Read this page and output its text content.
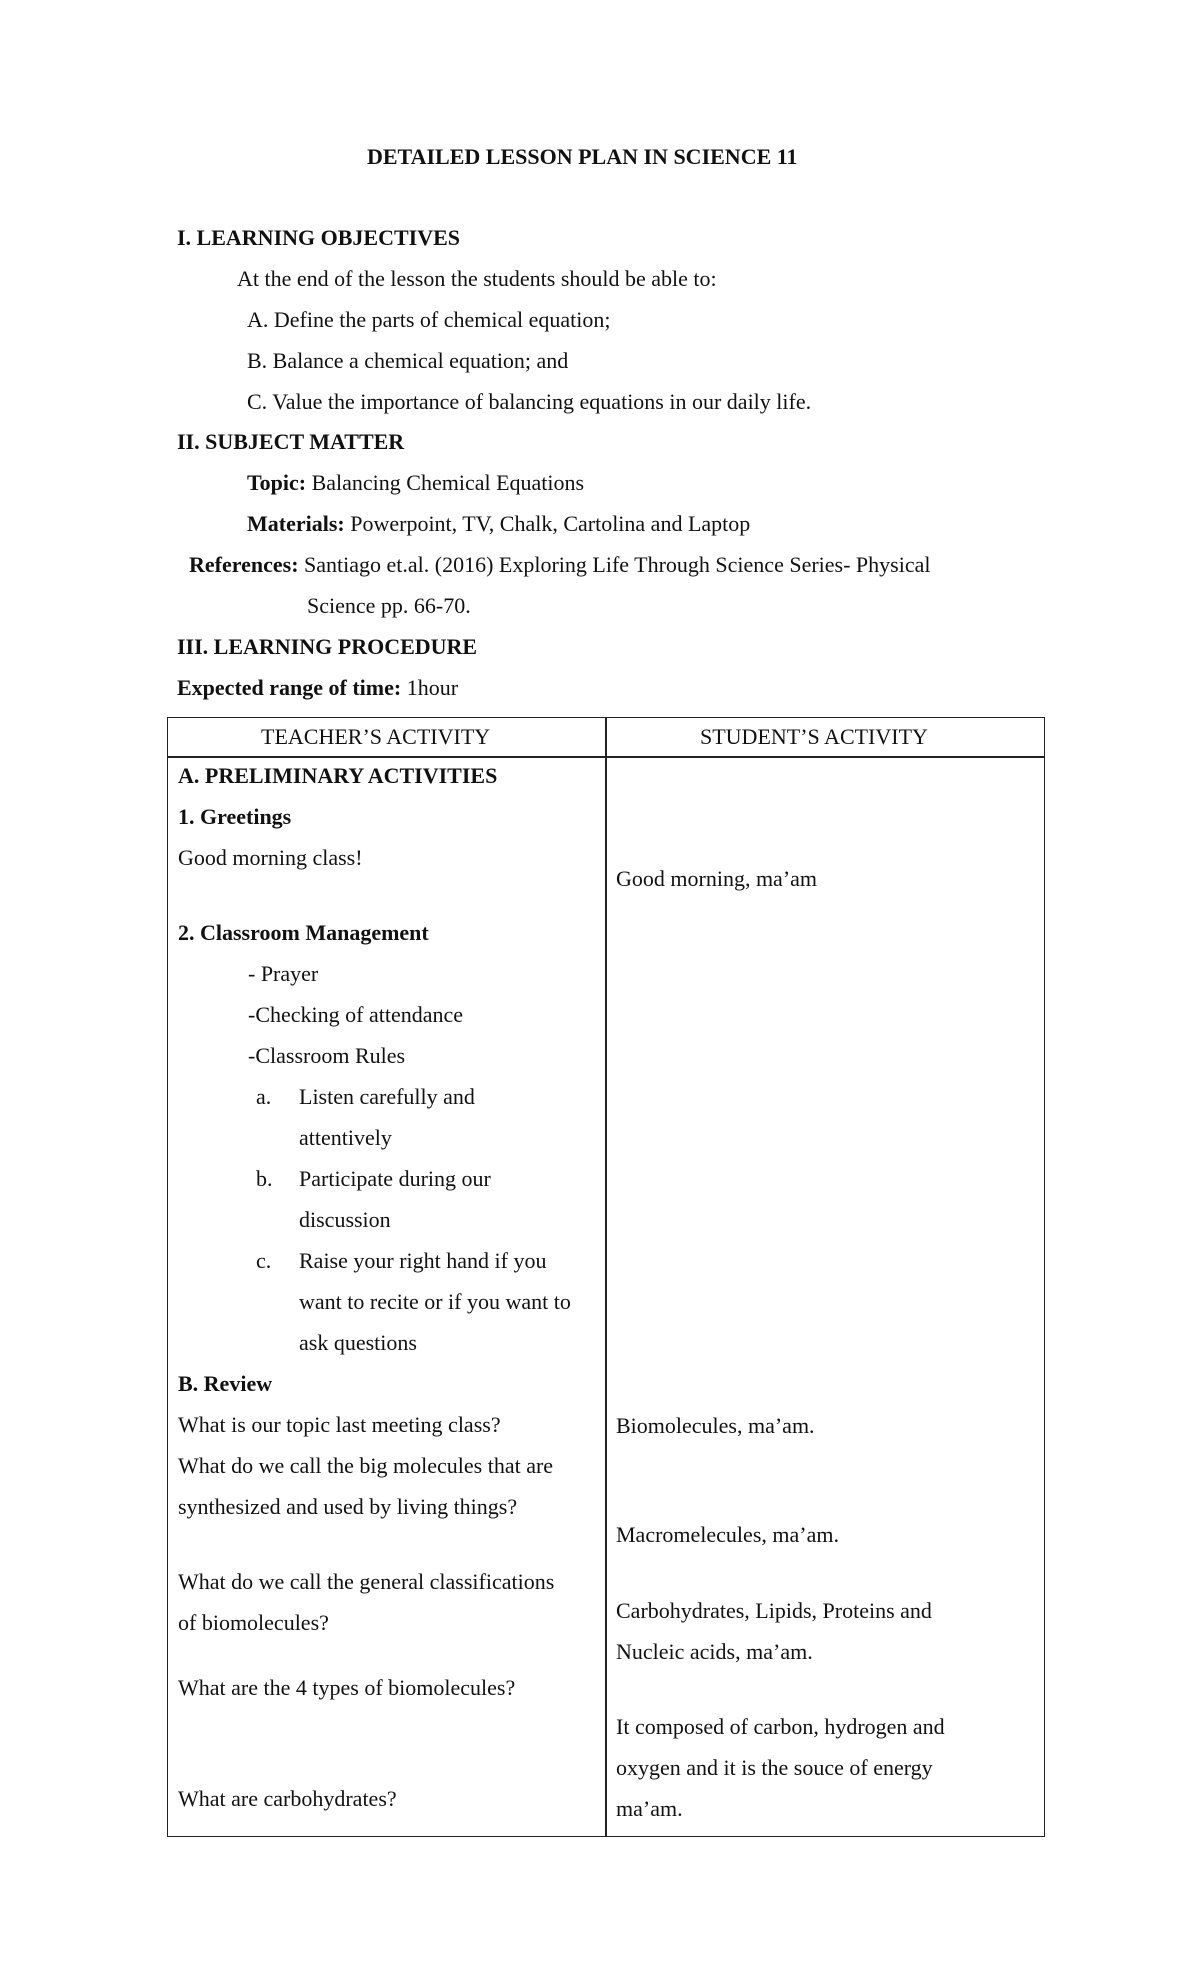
DETAILED LESSON PLAN IN SCIENCE 11
I. LEARNING OBJECTIVES
At the end of the lesson the students should be able to:
A. Define the parts of chemical equation;
B. Balance a chemical equation; and
C. Value the importance of balancing equations in our daily life.
II. SUBJECT MATTER
Topic: Balancing Chemical Equations
Materials: Powerpoint, TV, Chalk, Cartolina and Laptop
References: Santiago et.al. (2016) Exploring Life Through Science Series- Physical
Science pp. 66-70.
III. LEARNING PROCEDURE
Expected range of time: 1hour
TEACHER’S ACTIVITY	STUDENT’S ACTIVITY
A. PRELIMINARY ACTIVITIES
1. Greetings
Good morning class!
2. Classroom Management
- Prayer
-Checking of attendance
-Classroom Rules
a. Listen carefully and
attentively
b. Participate during our
discussion
c. Raise your right hand if you
want to recite or if you want to
ask questions
B. Review
What is our topic last meeting class?
What do we call the big molecules that are
synthesized and used by living things?
What do we call the general classifications
of biomolecules?
What are the 4 types of biomolecules?
What are carbohydrates?
Good morning, ma’am
Biomolecules, ma’am.
Macromelecules, ma’am.
Carbohydrates, Lipids, Proteins and
Nucleic acids, ma’am.
It composed of carbon, hydrogen and
oxygen and it is the souce of energy
ma’am.
